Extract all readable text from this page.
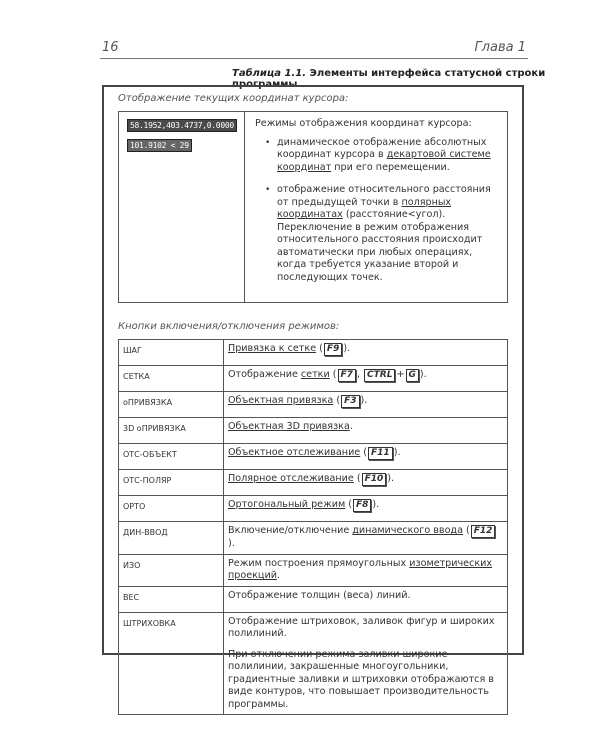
16	Глава 1
Таблица 1.1. Элементы интерфейса статусной строки программы
Отображение текущих координат курсора:
58.1952,403.4737,0.0000
101.9102 < 29
Режимы отображения координат курсора:
• динамическое отображение абсолютных координат курсора в декартовой системе координат при его перемещении.
• отображение относительного расстояния от предыдущей точки в полярных координатах (расстояние<угол). Переключение в режим отображения относительного расстояния происходит автоматически при любых операциях, когда требуется указание второй и последующих точек.
Кнопки включения/отключения режимов:
ШАГ	Привязка к сетке ( F9 ).
СЕТКА	Отображение сетки ( F7 , CTRL + G ).
оПРИВЯЗКА	Объектная привязка ( F3 ).
3D оПРИВЯЗКА	Объектная 3D привязка.
ОТС-ОБЪЕКТ	Объектное отслеживание ( F11 ).
ОТС-ПОЛЯР	Полярное отслеживание ( F10 ).
ОРТО	Ортогональный режим ( F8 ).
ДИН-ВВОД	Включение/отключение динамического ввода ( F12).
ИЗО	Режим построения прямоугольных изометрических проекций.
ВЕС	Отображение толщин (веса) линий.
ШТРИХОВКА	Отображение штриховок, заливок фигур и широких полилиний.
При отключении режима заливки широкие полилинии, закрашенные многоугольники, градиентные заливки и штриховки отображаются в виде контуров, что повышает производительность программы.
